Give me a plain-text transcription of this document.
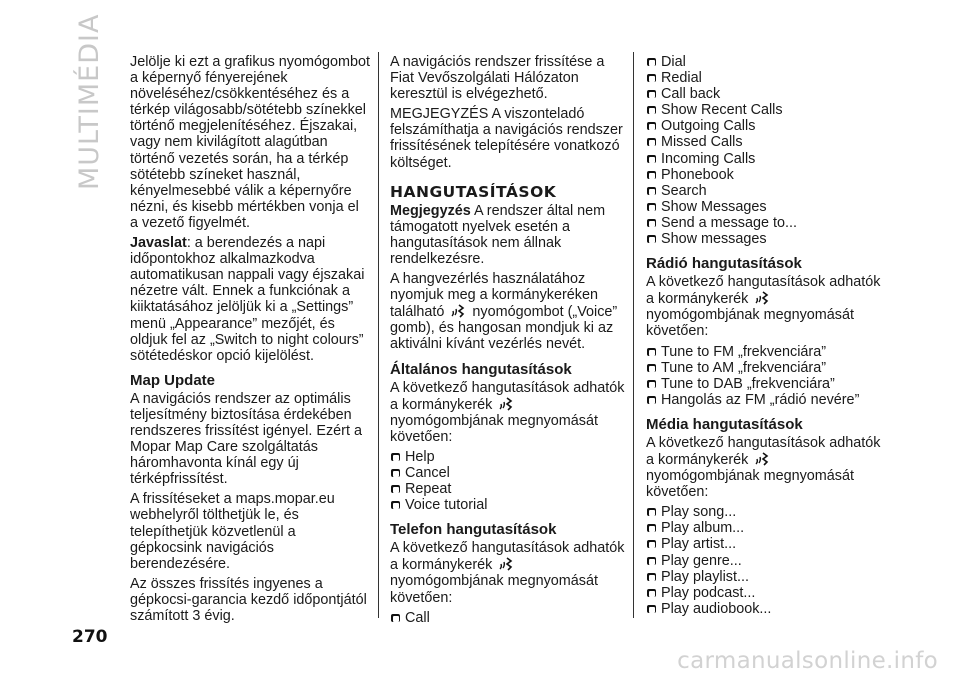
MULTIMÉDIA Jelölje ki ezt a grafikus nyomógombot a képernyő fényerejének növeléséhez/csökkentéséhez és a térkép világosabb/sötétebb színekkel történő megjelenítéséhez. Éjszakai, vagy nem kivilágított alagútban történő vezetés során, ha a térkép sötétebb színeket használ, kényelmesebbé válik a képernyőre nézni, és kisebb mértékben vonja el a vezető figyelmét.

Javaslat: a berendezés a napi időpontokhoz alkalmazkodva automatikusan nappali vagy éjszakai nézetre vált. Ennek a funkciónak a kiiktatásához jelöljük ki a „Settings” menü „Appearance” mezőjét, és oldjuk fel az „Switch to night colours” sötétedéskor opció kijelölést.

Map Update

A navigációs rendszer az optimális teljesítmény biztosítása érdekében rendszeres frissítést igényel. Ezért a Mopar Map Care szolgáltatás háromhavonta kínál egy új térképfrissítést.

A frissítéseket a maps.mopar.eu webhelyről tölthetjük le, és telepíthetjük közvetlenül a gépkocsink navigációs berendezésére.

Az összes frissítés ingyenes a gépkocsi-garancia kezdő időpontjától számított 3 évig.

A navigációs rendszer frissítése a Fiat Vevőszolgálati Hálózaton keresztül is elvégezhető.

MEGJEGYZÉS A viszonteladó felszámíthatja a navigációs rendszer frissítésének telepítésére vonatkozó költséget.

HANGUTASÍTÁSOK

Megjegyzés A rendszer által nem támogatott nyelvek esetén a hangutasítások nem állnak rendelkezésre.

A hangvezérlés használatához nyomjuk meg a kormánykeréken található nyomógombot („Voice” gomb), és hangosan mondjuk ki az aktiválni kívánt vezérlés nevét.

Általános hangutasítások

A következő hangutasítások adhatók a kormánykerék  nyomógombjának megnyomását követően:

Help
Cancel
Repeat
Voice tutorial
Telefon hangutasítások

A következő hangutasítások adhatók a kormánykerék  nyomógombjának megnyomását követően:

Call
Dial
Redial
Call back
Show Recent Calls
Outgoing Calls
Missed Calls
Incoming Calls
Phonebook
Search
Show Messages
Send a message to...
Show messages
Rádió hangutasítások

A következő hangutasítások adhatók a kormánykerék  nyomógombjának megnyomását követően:

Tune to FM „frekvenciára”
Tune to AM „frekvenciára”
Tune to DAB „frekvenciára”
Hangolás az FM „rádió nevére”
Média hangutasítások

A következő hangutasítások adhatók a kormánykerék  nyomógombjának megnyomását követően:

Play song...
Play album...
Play artist...
Play genre...
Play playlist...
Play podcast...
Play audiobook...
270
carmanualsonline.info
